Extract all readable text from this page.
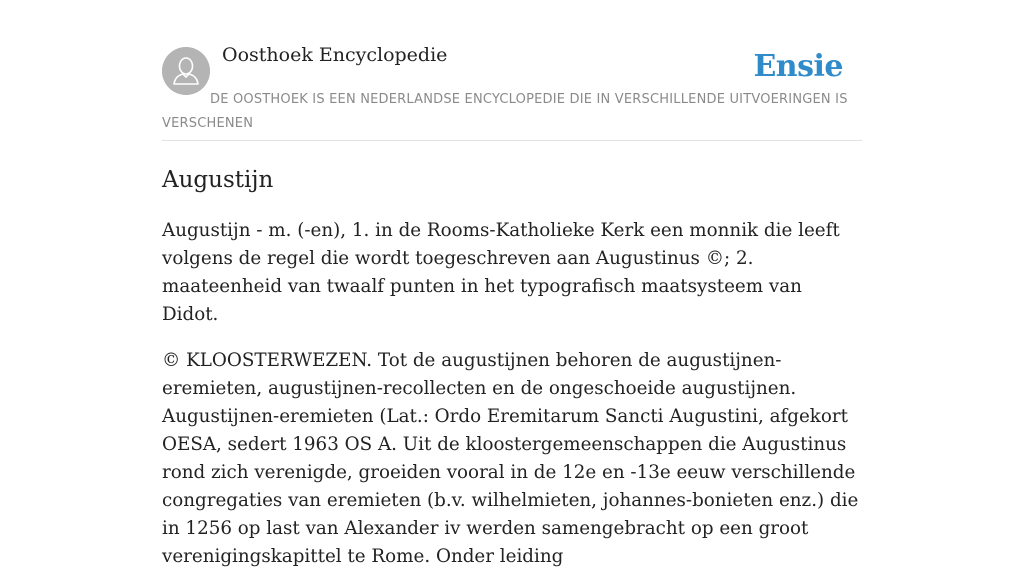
Oosthoek Encyclopedie	Ensie
DE OOSTHOEK IS EEN NEDERLANDSE ENCYCLOPEDIE DIE IN VERSCHILLENDE UITVOERINGEN IS VERSCHENEN
Augustijn

Augustijn - m. (-en), 1. in de Rooms-Katholieke Kerk een monnik die leeft volgens de regel die wordt toegeschreven aan Augustinus ©; 2. maateenheid van twaalf punten in het typografisch maatsysteem van Didot.

© KLOOSTERWEZEN. Tot de augustijnen behoren de augustijnen-eremieten, augustijnen-recollecten en de ongeschoeide augustijnen. Augustijnen-eremieten (Lat.: Ordo Eremitarum Sancti Augustini, afgekort OESA, sedert 1963 OS A. Uit de kloostergemeenschappen die Augustinus rond zich verenigde, groeiden vooral in de 12e en -13e eeuw verschillende congregaties van eremieten (b.v. wilhelmieten, johannes-bonieten enz.) die in 1256 op last van Alexander iv werden samengebracht op een groot verenigingskapittel te Rome. Onder leiding
